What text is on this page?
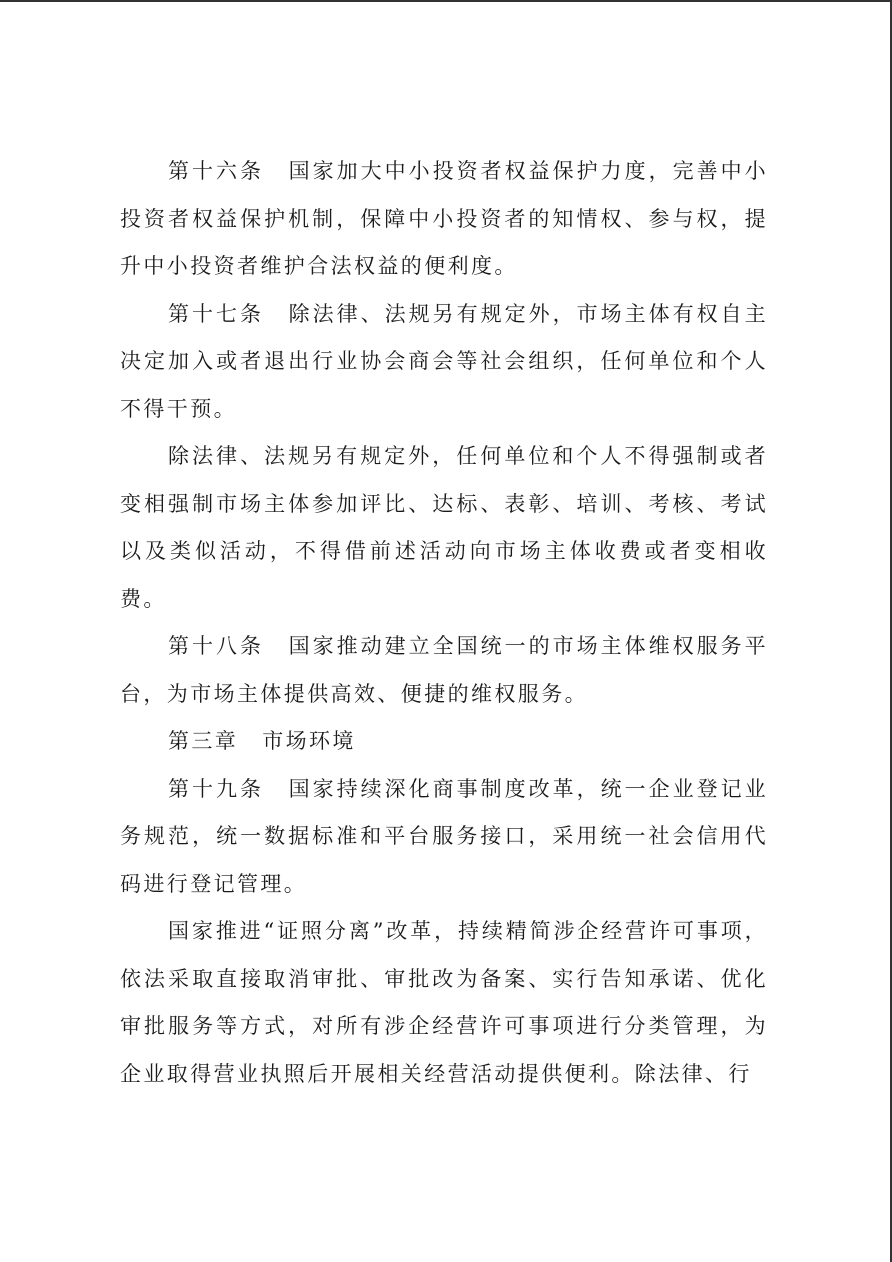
第十六条 国家加大中小投资者权益保护力度，完善中小投资者权益保护机制，保障中小投资者的知情权、参与权，提升中小投资者维护合法权益的便利度。

第十七条 除法律、法规另有规定外，市场主体有权自主决定加入或者退出行业协会商会等社会组织，任何单位和个人不得干预。

除法律、法规另有规定外，任何单位和个人不得强制或者变相强制市场主体参加评比、达标、表彰、培训、考核、考试以及类似活动，不得借前述活动向市场主体收费或者变相收费。

第十八条 国家推动建立全国统一的市场主体维权服务平台，为市场主体提供高效、便捷的维权服务。

第三章 市场环境

第十九条 国家持续深化商事制度改革，统一企业登记业务规范，统一数据标准和平台服务接口，采用统一社会信用代码进行登记管理。

国家推进“证照分离”改革，持续精简涉企经营许可事项，依法采取直接取消审批、审批改为备案、实行告知承诺、优化审批服务等方式，对所有涉企经营许可事项进行分类管理，为企业取得营业执照后开展相关经营活动提供便利。除法律、行
